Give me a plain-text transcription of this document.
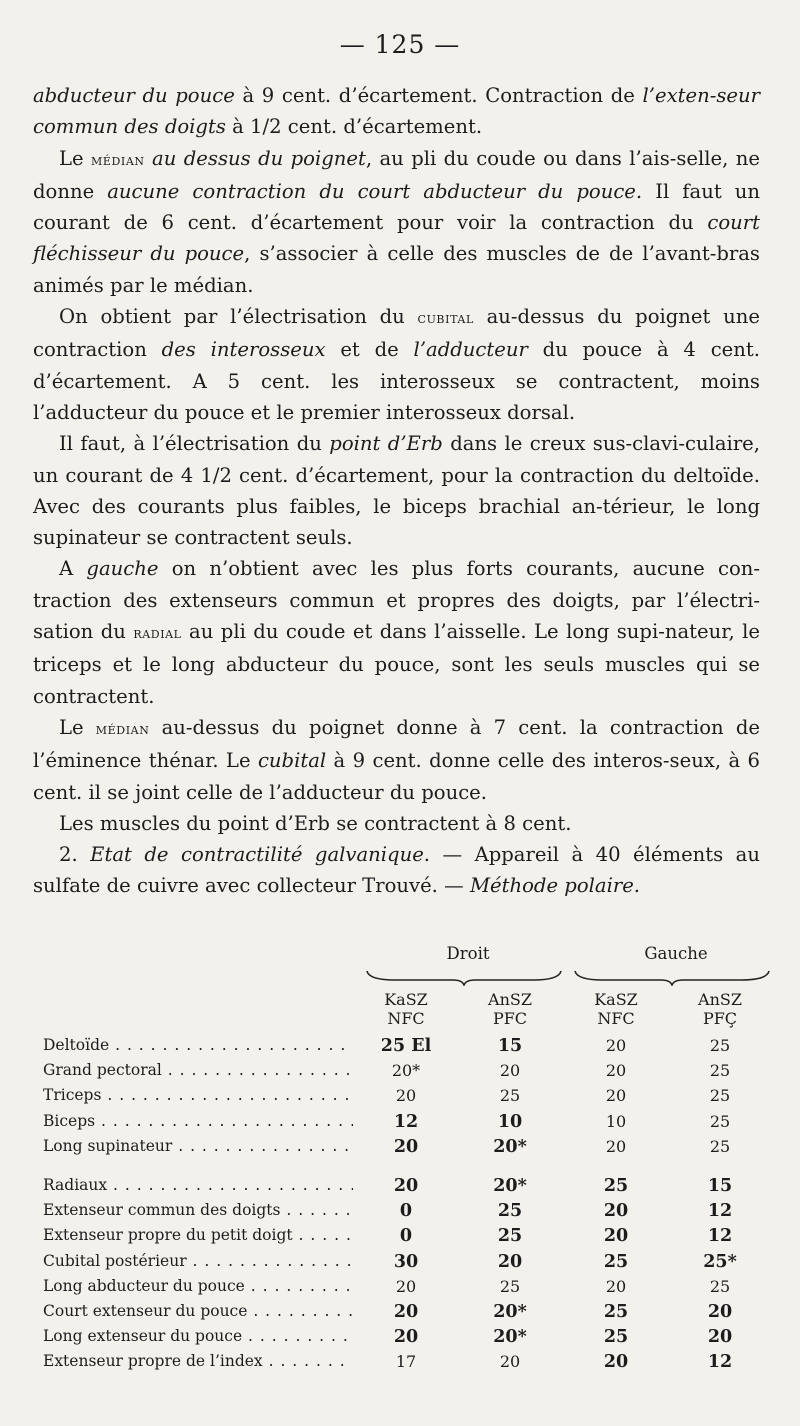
— 125 —

abducteur du pouce à 9 cent. d’écartement. Contraction de l’exten-seur commun des doigts à 1/2 cent. d’écartement.

Le médian au dessus du poignet, au pli du coude ou dans l’ais-selle, ne donne aucune contraction du court abducteur du pouce. Il faut un courant de 6 cent. d’écartement pour voir la contraction du court fléchisseur du pouce, s’associer à celle des muscles de de l’avant-bras animés par le médian.

On obtient par l’électrisation du cubital au-dessus du poignet une contraction des interosseux et de l’adducteur du pouce à 4 cent. d’écartement. A 5 cent. les interosseux se contractent, moins l’adducteur du pouce et le premier interosseux dorsal.

Il faut, à l’électrisation du point d’Erb dans le creux sus-clavi-culaire, un courant de 4 1/2 cent. d’écartement, pour la contraction du deltoïde. Avec des courants plus faibles, le biceps brachial an-térieur, le long supinateur se contractent seuls.

A gauche on n’obtient avec les plus forts courants, aucune con-traction des extenseurs commun et propres des doigts, par l’électri-sation du radial au pli du coude et dans l’aisselle. Le long supi-nateur, le triceps et le long abducteur du pouce, sont les seuls muscles qui se contractent.

Le médian au-dessus du poignet donne à 7 cent. la contraction de l’éminence thénar. Le cubital à 9 cent. donne celle des interos-seux, à 6 cent. il se joint celle de l’adducteur du pouce.

Les muscles du point d’Erb se contractent à 8 cent.

2. Etat de contractilité galvanique. — Appareil à 40 éléments au sulfate de cuivre avec collecteur Trouvé. — Méthode polaire.

Droit	Gauche
KaSZ
NFC
AnSZ
PFC
KaSZ
NFC
AnSZ
PFÇ
Deltoïde . . .	25 El	15	20	25
Grand pectoral . . .	20*	20	20	25
Triceps . . .	20	25	20	25
Biceps . . .	12	10	10	25
Long supinateur . . .	20	20*	20	25
Radiaux . . .	20	20*	25	15
Extenseur commun des doigts . . .	0	25	20	12
Extenseur propre du petit doigt . . .	0	25	20	12
Cubital postérieur . . .	30	20	25	25*
Long abducteur du pouce . . .	20	25	20	25
Court extenseur du pouce . . .	20	20*	25	20
Long extenseur du pouce . . .	20	20*	25	20
Extenseur propre de l’index . . .	17	20	20	12
